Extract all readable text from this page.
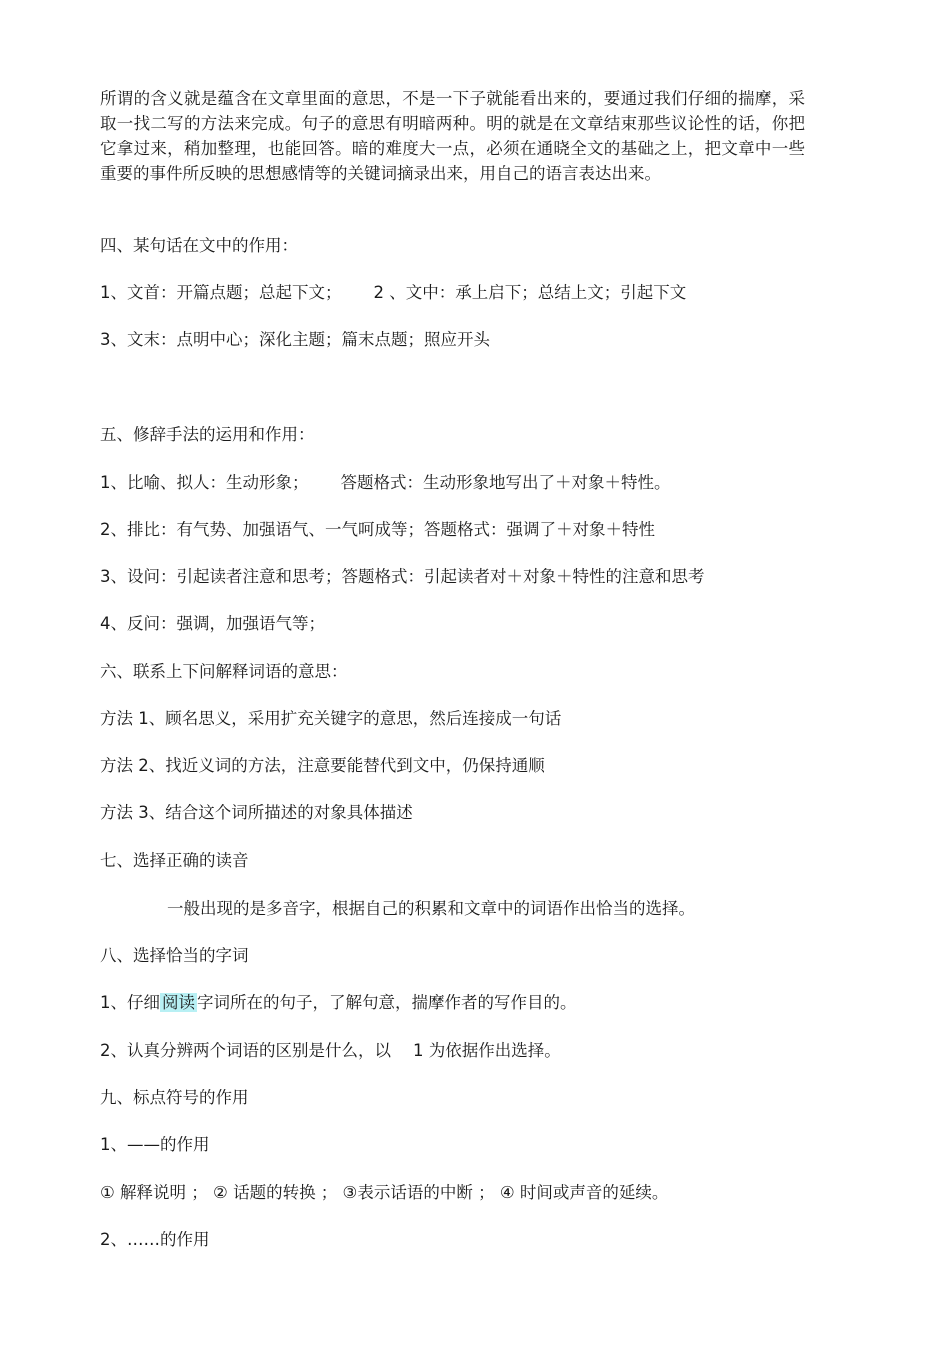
所谓的含义就是蕴含在文章里面的意思，不是一下子就能看出来的，要通过我们仔细的揣摩，采取一找二写的方法来完成。句子的意思有明暗两种。明的就是在文章结束那些议论性的话，你把它拿过来，稍加整理，也能回答。暗的难度大一点，必须在通晓全文的基础之上，把文章中一些重要的事件所反映的思想感情等的关键词摘录出来，用自己的语言表达出来。

四、某句话在文中的作用：

1、文首：开篇点题；总起下文； 2 、文中：承上启下；总结上文；引起下文

3、文末：点明中心；深化主题；篇末点题；照应开头

五、修辞手法的运用和作用：

1、比喻、拟人：生动形象； 答题格式：生动形象地写出了＋对象＋特性。

2、排比：有气势、加强语气、一气呵成等；答题格式：强调了＋对象＋特性

3、设问：引起读者注意和思考；答题格式：引起读者对＋对象＋特性的注意和思考

4、反问：强调，加强语气等；

六、联系上下问解释词语的意思：

方法 1、顾名思义，采用扩充关键字的意思，然后连接成一句话

方法 2、找近义词的方法，注意要能替代到文中，仍保持通顺

方法 3、结合这个词所描述的对象具体描述

七、选择正确的读音

一般出现的是多音字，根据自己的积累和文章中的词语作出恰当的选择。

八、选择恰当的字词

1、仔细 阅读 字词所在的句子，了解句意，揣摩作者的写作目的。

2、认真分辨两个词语的区别是什么，以 1 为依据作出选择。

九、标点符号的作用

1、——的作用

① 解释说明 ； ② 话题的转换 ； ③表示话语的中断 ； ④ 时间或声音的延续。

2、……的作用
